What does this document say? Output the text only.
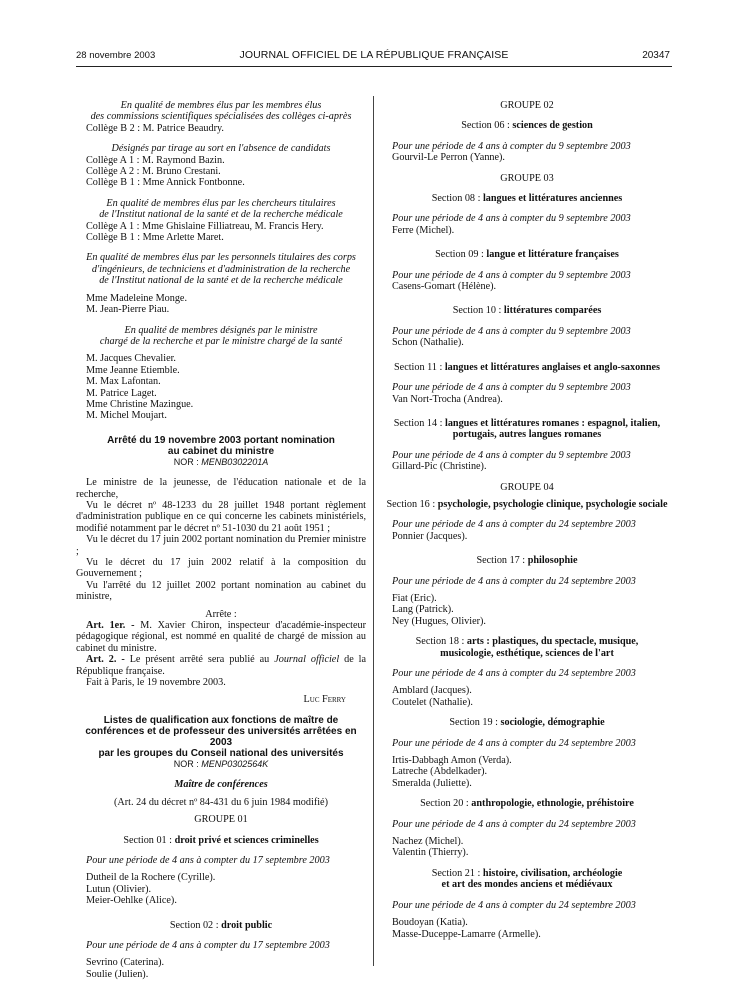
28 novembre 2003	JOURNAL OFFICIEL DE LA RÉPUBLIQUE FRANÇAISE	20347

En qualité de membres élus par les membres élus

des commissions scientifiques spécialisées des collèges ci-après

Collège B 2 : M. Patrice Beaudry.

Désignés par tirage au sort en l'absence de candidats

Collège A 1 : M. Raymond Bazin.

Collège A 2 : M. Bruno Crestani.

Collège B 1 : Mme Annick Fontbonne.

En qualité de membres élus par les chercheurs titulaires

de l'Institut national de la santé et de la recherche médicale

Collège A 1 : Mme Ghislaine Filliatreau, M. Francis Hery.

Collège B 1 : Mme Arlette Maret.

En qualité de membres élus par les personnels titulaires des corps

d'ingénieurs, de techniciens et d'administration de la recherche

de l'Institut national de la santé et de la recherche médicale

Mme Madeleine Monge.

M. Jean-Pierre Piau.

En qualité de membres désignés par le ministre

chargé de la recherche et par le ministre chargé de la santé

M. Jacques Chevalier.

Mme Jeanne Etiemble.

M. Max Lafontan.

M. Patrice Laget.

Mme Christine Mazingue.

M. Michel Moujart.

Arrêté du 19 novembre 2003 portant nomination

au cabinet du ministre

NOR : MENB0302201A

Le ministre de la jeunesse, de l'éducation nationale et de la recherche,

Vu le décret nº 48-1233 du 28 juillet 1948 portant règlement d'administration publique en ce qui concerne les cabinets ministériels, modifié notamment par le décret nº 51-1030 du 21 août 1951 ;

Vu le décret du 17 juin 2002 portant nomination du Premier ministre ;

Vu le décret du 17 juin 2002 relatif à la composition du Gouvernement ;

Vu l'arrêté du 12 juillet 2002 portant nomination au cabinet du ministre,

Arrête :

Art. 1er. - M. Xavier Chiron, inspecteur d'académie-inspecteur pédagogique régional, est nommé en qualité de chargé de mission au cabinet du ministre.

Art. 2. - Le présent arrêté sera publié au Journal officiel de la République française.

Fait à Paris, le 19 novembre 2003.

Luc Ferry

Listes de qualification aux fonctions de maître de conférences et de professeur des universités arrêtées en 2003

par les groupes du Conseil national des universités

NOR : MENP0302564K

Maître de conférences

(Art. 24 du décret nº 84-431 du 6 juin 1984 modifié)

GROUPE 01

Section 01 : droit privé et sciences criminelles

Pour une période de 4 ans à compter du 17 septembre 2003

Dutheil de la Rochere (Cyrille).

Lutun (Olivier).

Meier-Oehlke (Alice).

Section 02 : droit public

Pour une période de 4 ans à compter du 17 septembre 2003

Sevrino (Caterina).

Soulie (Julien).

GROUPE 02

Section 06 : sciences de gestion

Pour une période de 4 ans à compter du 9 septembre 2003

Gourvil-Le Perron (Yanne).

GROUPE 03

Section 08 : langues et littératures anciennes

Pour une période de 4 ans à compter du 9 septembre 2003

Ferre (Michel).

Section 09 : langue et littérature françaises

Pour une période de 4 ans à compter du 9 septembre 2003

Casens-Gomart (Hélène).

Section 10 : littératures comparées

Pour une période de 4 ans à compter du 9 septembre 2003

Schon (Nathalie).

Section 11 : langues et littératures anglaises et anglo-saxonnes

Pour une période de 4 ans à compter du 9 septembre 2003

Van Nort-Trocha (Andrea).

Section 14 : langues et littératures romanes : espagnol, italien,

portugais, autres langues romanes

Pour une période de 4 ans à compter du 9 septembre 2003

Gillard-Pic (Christine).

GROUPE 04

Section 16 : psychologie, psychologie clinique, psychologie sociale

Pour une période de 4 ans à compter du 24 septembre 2003

Ponnier (Jacques).

Section 17 : philosophie

Pour une période de 4 ans à compter du 24 septembre 2003

Fiat (Eric).

Lang (Patrick).

Ney (Hugues, Olivier).

Section 18 : arts : plastiques, du spectacle, musique,

musicologie, esthétique, sciences de l'art

Pour une période de 4 ans à compter du 24 septembre 2003

Amblard (Jacques).

Coutelet (Nathalie).

Section 19 : sociologie, démographie

Pour une période de 4 ans à compter du 24 septembre 2003

Irtis-Dabbagh Amon (Verda).

Latreche (Abdelkader).

Smeralda (Juliette).

Section 20 : anthropologie, ethnologie, préhistoire

Pour une période de 4 ans à compter du 24 septembre 2003

Nachez (Michel).

Valentin (Thierry).

Section 21 : histoire, civilisation, archéologie

et art des mondes anciens et médiévaux

Pour une période de 4 ans à compter du 24 septembre 2003

Boudoyan (Katia).

Masse-Duceppe-Lamarre (Armelle).
